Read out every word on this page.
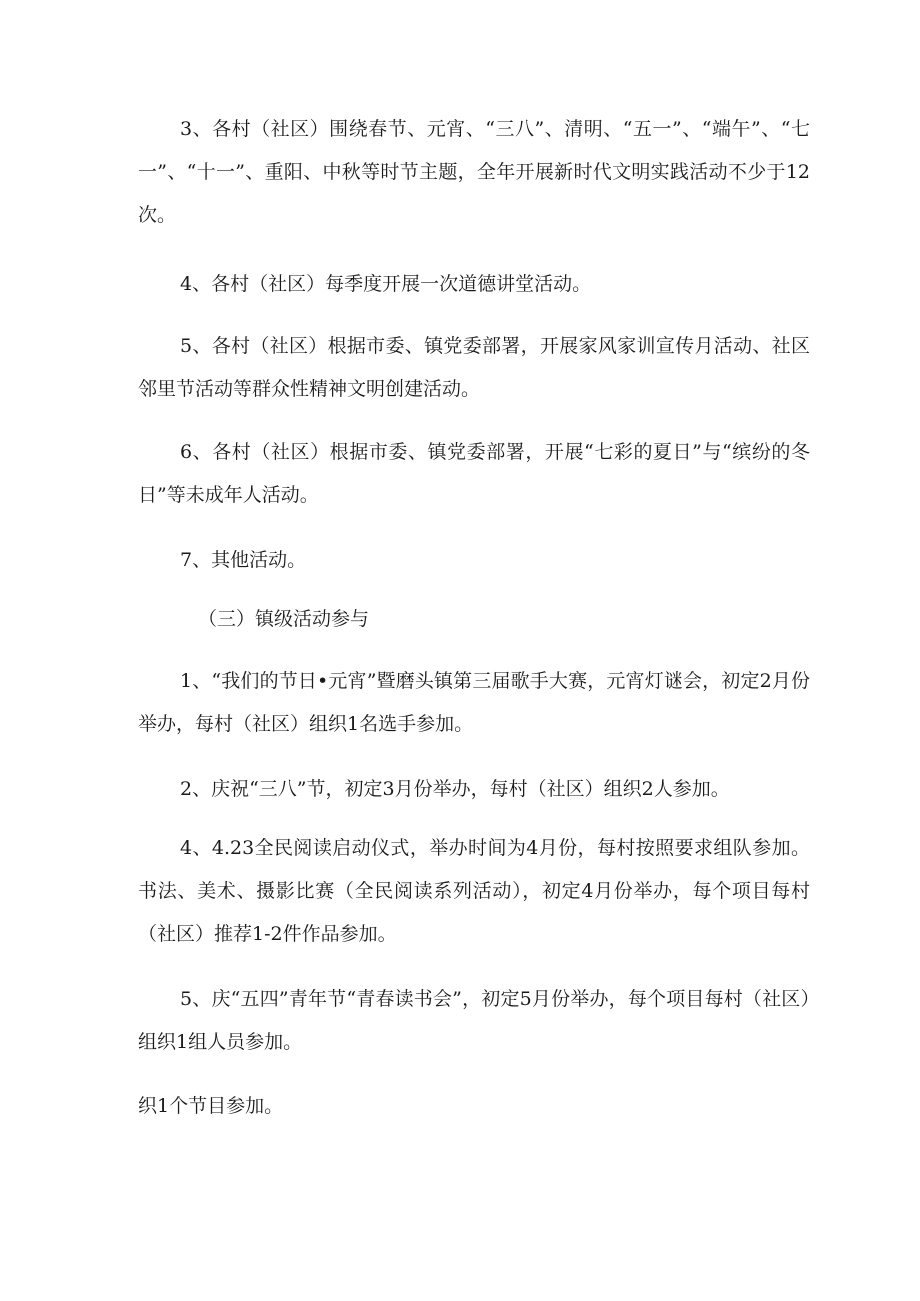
3、各村（社区）围绕春节、元宵、“三八”、清明、“五一”、“端午”、“七一”、“十一”、重阳、中秋等时节主题，全年开展新时代文明实践活动不少于12次。

4、各村（社区）每季度开展一次道德讲堂活动。

5、各村（社区）根据市委、镇党委部署，开展家风家训宣传月活动、社区邻里节活动等群众性精神文明创建活动。

6、各村（社区）根据市委、镇党委部署，开展“七彩的夏日”与“缤纷的冬日”等未成年人活动。

7、其他活动。

（三）镇级活动参与

1、“我们的节日•元宵”暨磨头镇第三届歌手大赛，元宵灯谜会，初定2月份举办，每村（社区）组织1名选手参加。

2、庆祝“三八”节，初定3月份举办，每村（社区）组织2人参加。

4、4.23全民阅读启动仪式，举办时间为4月份，每村按照要求组队参加。书法、美术、摄影比赛（全民阅读系列活动），初定4月份举办，每个项目每村（社区）推荐1-2件作品参加。

5、庆“五四”青年节“青春读书会”，初定5月份举办，每个项目每村（社区）组织1组人员参加。

织1个节目参加。
